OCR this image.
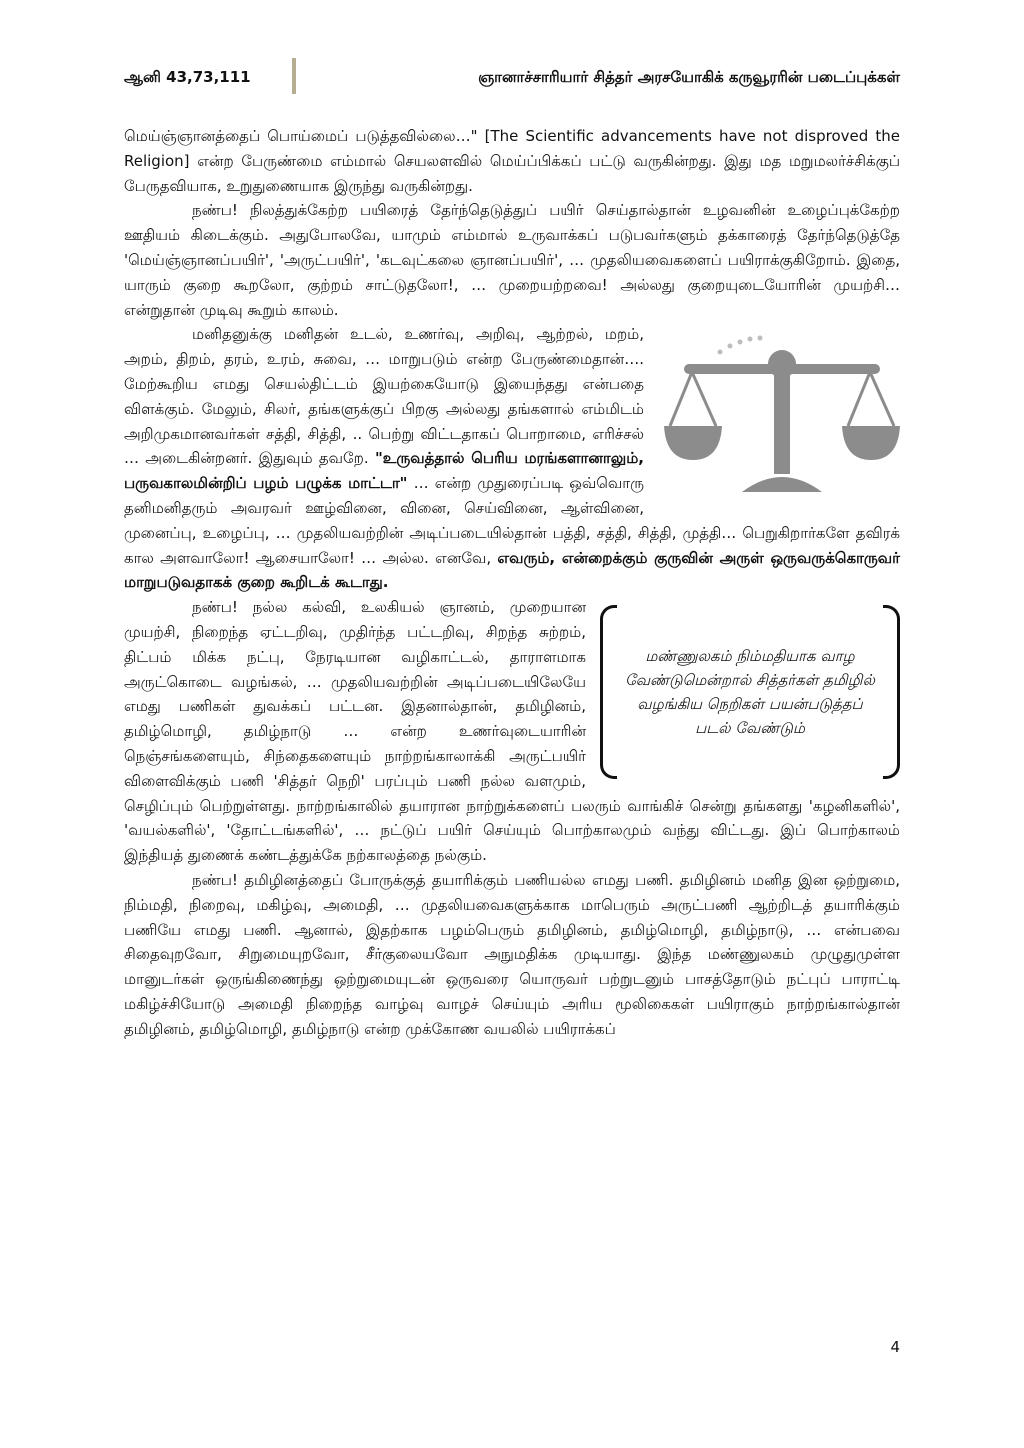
ஆனி 43,73,111	ஞானாச்சாரியார் சித்தர் அரசயோகிக் கருவூரரின் படைப்புக்கள்

மெய்ஞ்ஞானத்தைப் பொய்மைப் படுத்தவில்லை…" [The Scientific advancements have not disproved the Religion] என்ற பேருண்மை எம்மால் செயலளவில் மெய்ப்பிக்கப் பட்டு வருகின்றது. இது மத மறுமலர்ச்சிக்குப் பேருதவியாக, உறுதுணையாக இருந்து வருகின்றது.

நண்ப! நிலத்துக்கேற்ற பயிரைத் தேர்ந்தெடுத்துப் பயிர் செய்தால்தான் உழவனின் உழைப்புக்கேற்ற ஊதியம் கிடைக்கும். அதுபோலவே, யாமும் எம்மால் உருவாக்கப் படுபவர்களும் தக்காரைத் தேர்ந்தெடுத்தே 'மெய்ஞ்ஞானப்பயிர்', 'அருட்பயிர்', 'கடவுட்கலை ஞானப்பயிர்', … முதலியவைகளைப் பயிராக்குகிறோம். இதை, யாரும் குறை கூறலோ, குற்றம் சாட்டுதலோ!, … முறையற்றவை! அல்லது குறையுடையோரின் முயற்சி… என்றுதான் முடிவு கூறும் காலம்.

மனிதனுக்கு மனிதன் உடல், உணர்வு, அறிவு, ஆற்றல், மறம், அறம், திறம், தரம், உரம், சுவை, … மாறுபடும் என்ற பேருண்மைதான்…. மேற்கூறிய எமது செயல்திட்டம் இயற்கையோடு இயைந்தது என்பதை விளக்கும். மேலும், சிலர், தங்களுக்குப் பிறகு அல்லது தங்களால் எம்மிடம் அறிமுகமானவர்கள் சத்தி, சித்தி, .. பெற்று விட்டதாகப் பொறாமை, எரிச்சல் … அடைகின்றனர். இதுவும் தவறே. "உருவத்தால் பெரிய மரங்களானாலும், பருவகாலமின்றிப் பழம் பழுக்க மாட்டா" … என்ற முதுரைப்படி ஒவ்வொரு தனிமனிதரும் அவரவர் ஊழ்வினை, வினை, செய்வினை, ஆள்வினை, முனைப்பு, உழைப்பு, … முதலியவற்றின் அடிப்படையில்தான் பத்தி, சத்தி, சித்தி, முத்தி… பெறுகிறார்களே தவிரக் கால அளவாலோ! ஆசையாலோ! … அல்ல. எனவே, எவரும், என்றைக்கும் குருவின் அருள் ஒருவருக்கொருவர் மாறுபடுவதாகக் குறை கூறிடக் கூடாது.

மண்ணுலகம் நிம்மதியாக வாழ வேண்டுமென்றால் சித்தர்கள் தமிழில் வழங்கிய நெறிகள் பயன்படுத்தப் படல் வேண்டும்

நண்ப! நல்ல கல்வி, உலகியல் ஞானம், முறையான முயற்சி, நிறைந்த ஏட்டறிவு, முதிர்ந்த பட்டறிவு, சிறந்த சுற்றம், திட்பம் மிக்க நட்பு, நேரடியான வழிகாட்டல், தாராளமாக அருட்கொடை வழங்கல், … முதலியவற்றின் அடிப்படையிலேயே எமது பணிகள் துவக்கப் பட்டன. இதனால்தான், தமிழினம், தமிழ்மொழி, தமிழ்நாடு … என்ற உணர்வுடையாரின் நெஞ்சங்களையும், சிந்தைகளையும் நாற்றங்காலாக்கி அருட்பயிர் விளைவிக்கும் பணி 'சித்தர் நெறி' பரப்பும் பணி நல்ல வளமும், செழிப்பும் பெற்றுள்ளது. நாற்றங்காலில் தயாரான நாற்றுக்களைப் பலரும் வாங்கிச் சென்று தங்களது 'கழனிகளில்', 'வயல்களில்', 'தோட்டங்களில்', … நட்டுப் பயிர் செய்யும் பொற்காலமும் வந்து விட்டது. இப் பொற்காலம் இந்தியத் துணைக் கண்டத்துக்கே நற்காலத்தை நல்கும்.

நண்ப! தமிழினத்தைப் போருக்குத் தயாரிக்கும் பணியல்ல எமது பணி. தமிழினம் மனித இன ஒற்றுமை, நிம்மதி, நிறைவு, மகிழ்வு, அமைதி, … முதலியவைகளுக்காக மாபெரும் அருட்பணி ஆற்றிடத் தயாரிக்கும் பணியே எமது பணி. ஆனால், இதற்காக பழம்பெரும் தமிழினம், தமிழ்மொழி, தமிழ்நாடு, … என்பவை சிதைவுறவோ, சிறுமையுறவோ, சீர்குலையவோ அநுமதிக்க முடியாது. இந்த மண்ணுலகம் முழுதுமுள்ள மானுடர்கள் ஒருங்கிணைந்து ஒற்றுமையுடன் ஒருவரை யொருவர் பற்றுடனும் பாசத்தோடும் நட்புப் பாராட்டி மகிழ்ச்சியோடு அமைதி நிறைந்த வாழ்வு வாழச் செய்யும் அரிய மூலிகைகள் பயிராகும் நாற்றங்கால்தான் தமிழினம், தமிழ்மொழி, தமிழ்நாடு என்ற முக்கோண வயலில் பயிராக்கப்

4
